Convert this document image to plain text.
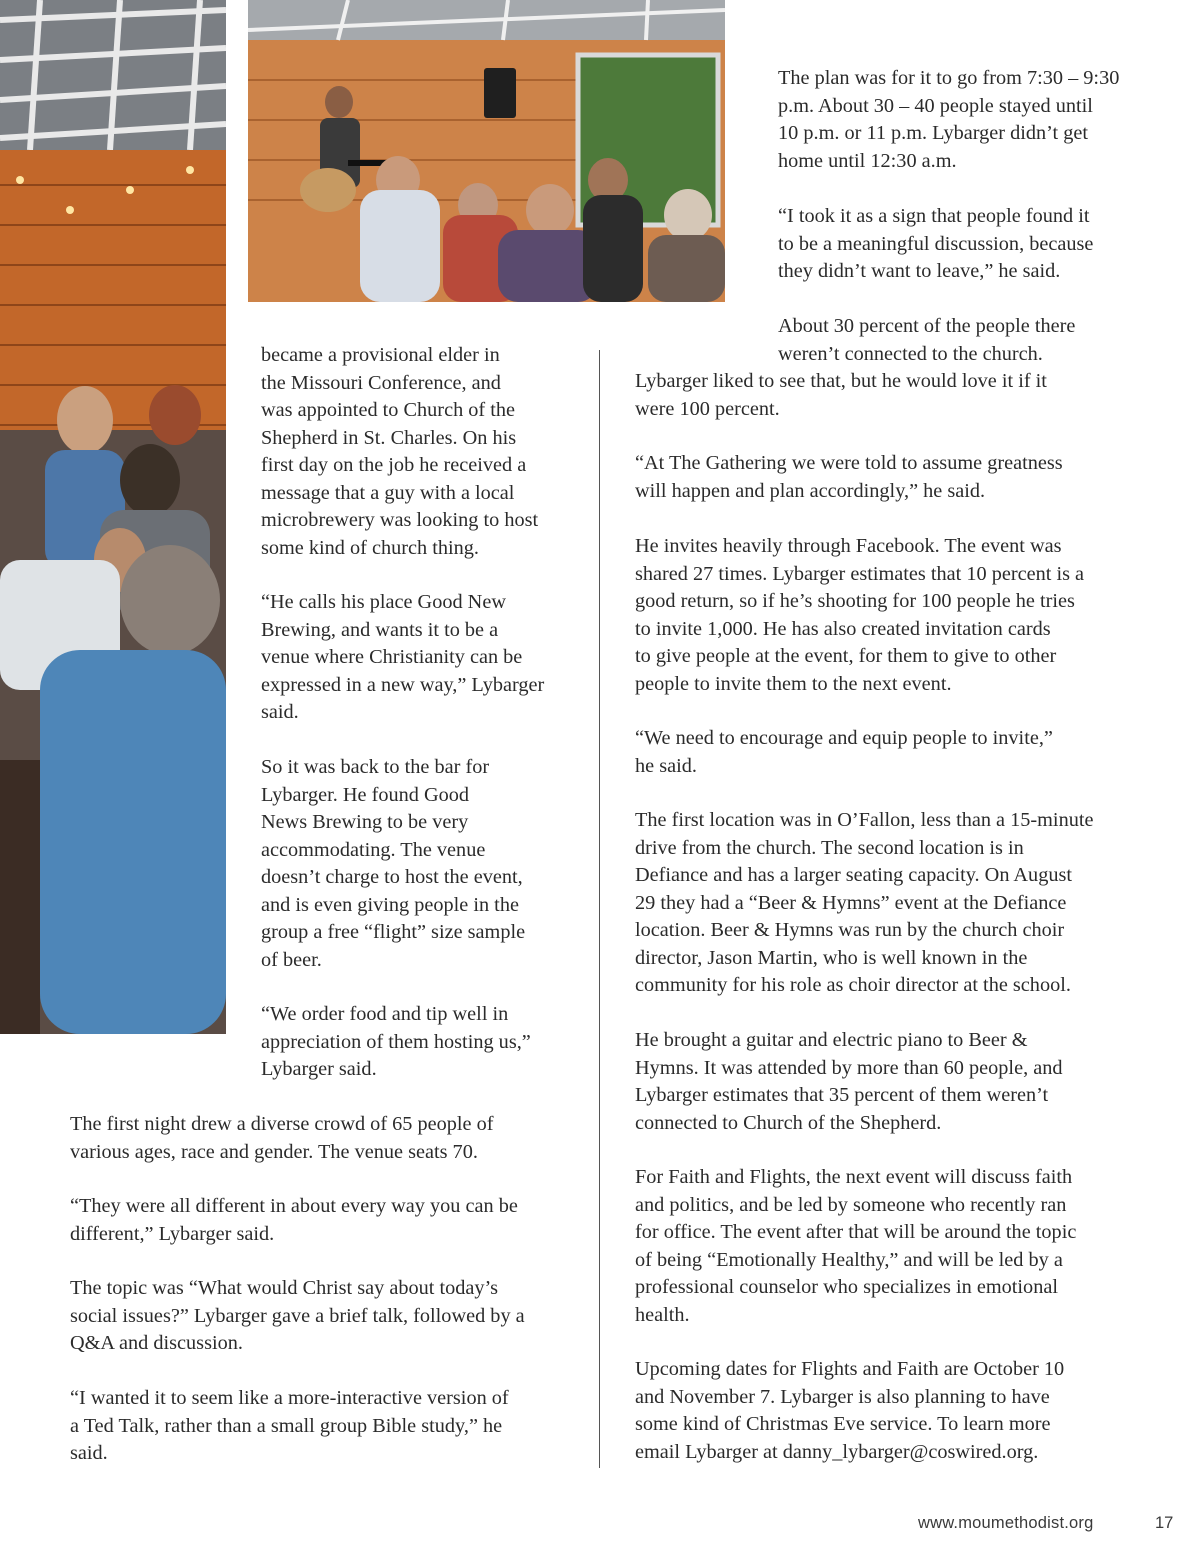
became a provisional elder in
the Missouri Conference, and
was appointed to Church of the
Shepherd in St. Charles. On his
first day on the job he received a
message that a guy with a local
microbrewery was looking to host
some kind of church thing.

“He calls his place Good New
Brewing, and wants it to be a
venue where Christianity can be
expressed in a new way,” Lybarger
said.

So it was back to the bar for
Lybarger. He found Good
News Brewing to be very
accommodating. The venue
doesn’t charge to host the event,
and is even giving people in the
group a free “flight” size sample
of beer.

“We order food and tip well in
appreciation of them hosting us,”
Lybarger said.

The first night drew a diverse crowd of 65 people of
various ages, race and gender. The venue seats 70.

“They were all different in about every way you can be
different,” Lybarger said.

The topic was “What would Christ say about today’s
social issues?” Lybarger gave a brief talk, followed by a
Q&A and discussion.

“I wanted it to seem like a more-interactive version of
a Ted Talk, rather than a small group Bible study,” he
said.

The plan was for it to go from 7:30 – 9:30
p.m. About 30 – 40 people stayed until
10 p.m. or 11 p.m. Lybarger didn’t get
home until 12:30 a.m.

“I took it as a sign that people found it
to be a meaningful discussion, because
they didn’t want to leave,” he said.

About 30 percent of the people there
weren’t connected to the church.

Lybarger liked to see that, but he would love it if it
were 100 percent.

“At The Gathering we were told to assume greatness
will happen and plan accordingly,” he said.

He invites heavily through Facebook. The event was
shared 27 times. Lybarger estimates that 10 percent is a
good return, so if he’s shooting for 100 people he tries
to invite 1,000. He has also created invitation cards
to give people at the event, for them to give to other
people to invite them to the next event.

“We need to encourage and equip people to invite,”
he said.

The first location was in O’Fallon, less than a 15-minute
drive from the church. The second location is in
Defiance and has a larger seating capacity. On August
29 they had a “Beer & Hymns” event at the Defiance
location. Beer & Hymns was run by the church choir
director, Jason Martin, who is well known in the
community for his role as choir director at the school.

He brought a guitar and electric piano to Beer &
Hymns. It was attended by more than 60 people, and
Lybarger estimates that 35 percent of them weren’t
connected to Church of the Shepherd.

For Faith and Flights, the next event will discuss faith
and politics, and be led by someone who recently ran
for office. The event after that will be around the topic
of being “Emotionally Healthy,” and will be led by a
professional counselor who specializes in emotional
health.

Upcoming dates for Flights and Faith are October 10
and November 7. Lybarger is also planning to have
some kind of Christmas Eve service. To learn more
email Lybarger at danny_lybarger@coswired.org.

www.moumethodist.org	17
